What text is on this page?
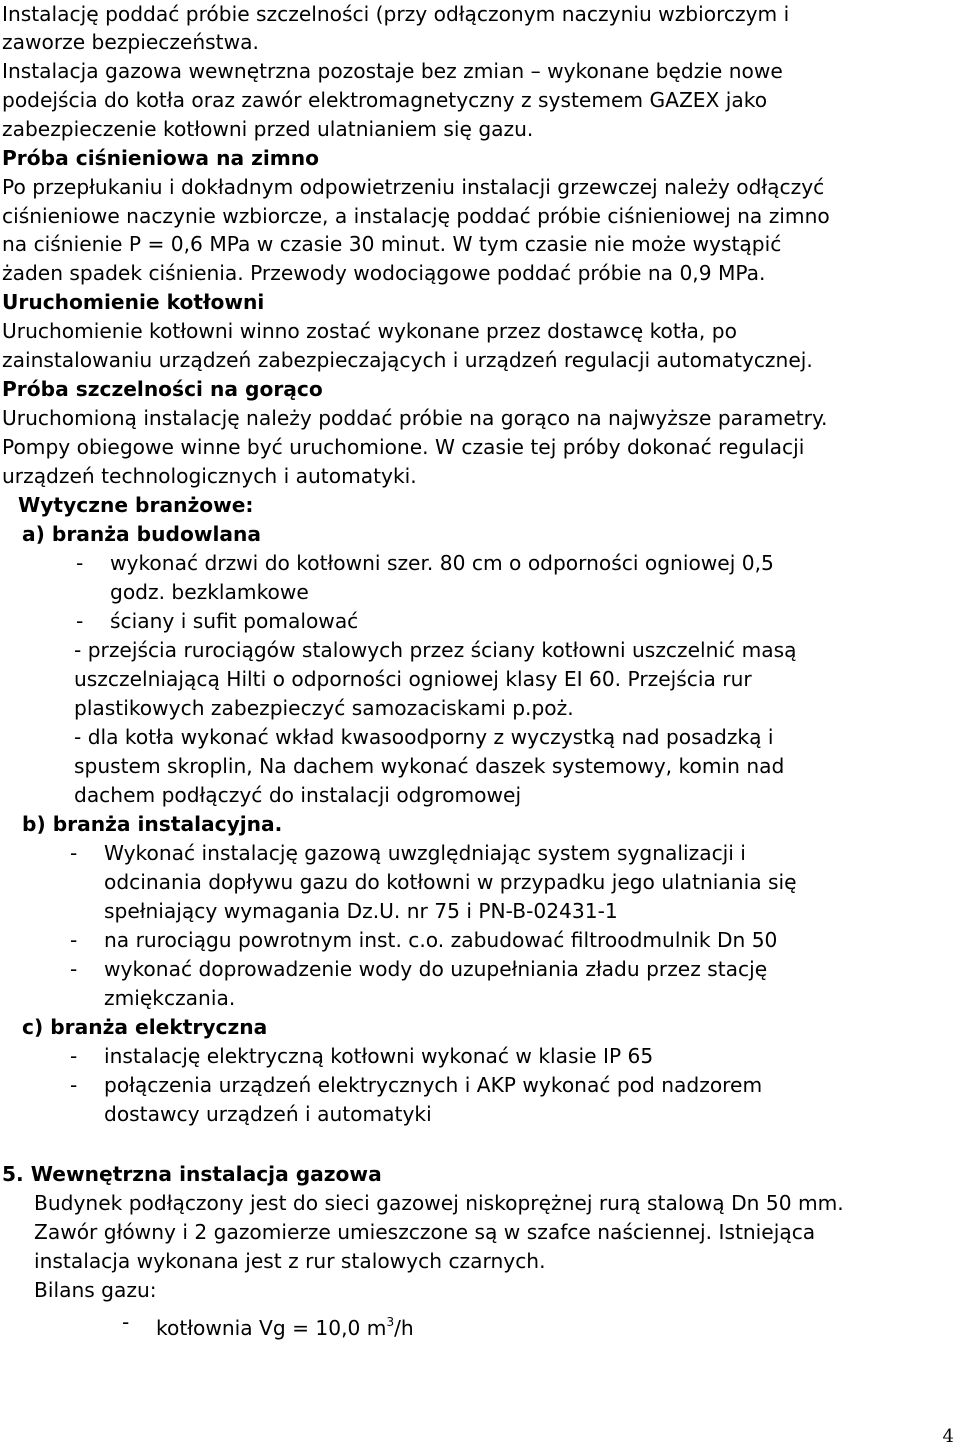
Instalację poddać próbie szczelności (przy odłączonym naczyniu wzbiorczym i
zaworze bezpieczeństwa.
Instalacja gazowa wewnętrzna pozostaje bez zmian – wykonane będzie nowe
podejścia do kotła oraz zawór elektromagnetyczny z systemem GAZEX jako
zabezpieczenie kotłowni przed ulatnianiem się gazu.
Próba ciśnieniowa na zimno
Po przepłukaniu i dokładnym odpowietrzeniu instalacji grzewczej należy odłączyć
ciśnieniowe naczynie wzbiorcze, a instalację poddać próbie ciśnieniowej na zimno
na ciśnienie P = 0,6 MPa w czasie 30 minut. W tym czasie nie może wystąpić
żaden spadek ciśnienia. Przewody wodociągowe poddać próbie na 0,9 MPa.
Uruchomienie kotłowni
Uruchomienie kotłowni winno zostać wykonane przez dostawcę kotła, po
zainstalowaniu urządzeń zabezpieczających i urządzeń regulacji automatycznej.
Próba szczelności na gorąco
Uruchomioną instalację należy poddać próbie na gorąco na najwyższe parametry.
Pompy obiegowe winne być uruchomione. W czasie tej próby dokonać regulacji
urządzeń technologicznych i automatyki.
Wytyczne branżowe:
a) branża budowlana
- wykonać drzwi do kotłowni szer. 80 cm o odporności ogniowej 0,5
godz. bezklamkowe
- ściany i sufit pomalować
- przejścia rurociągów stalowych przez ściany kotłowni uszczelnić masą
uszczelniającą Hilti o odporności ogniowej klasy EI 60. Przejścia rur
plastikowych zabezpieczyć samozaciskami p.poż.
- dla kotła wykonać wkład kwasoodporny z wyczystką nad posadzką i
spustem skroplin, Na dachem wykonać daszek systemowy, komin nad
dachem podłączyć do instalacji odgromowej
b) branża instalacyjna.
- Wykonać instalację gazową uwzględniając system sygnalizacji i
odcinania dopływu gazu do kotłowni w przypadku jego ulatniania się
spełniający wymagania Dz.U. nr 75 i PN-B-02431-1
- na rurociągu powrotnym inst. c.o. zabudować filtroodmulnik Dn 50
- wykonać doprowadzenie wody do uzupełniania zładu przez stację
zmiękczania.
c) branża elektryczna
- instalację elektryczną kotłowni wykonać w klasie IP 65
- połączenia urządzeń elektrycznych i AKP wykonać pod nadzorem
dostawcy urządzeń i automatyki
5. Wewnętrzna instalacja gazowa
Budynek podłączony jest do sieci gazowej niskoprężnej rurą stalową Dn 50 mm.
Zawór główny i 2 gazomierze umieszczone są w szafce naściennej. Istniejąca
instalacja wykonana jest z rur stalowych czarnych.
Bilans gazu:
- kotłownia Vg = 10,0 $m^3/h$
4
